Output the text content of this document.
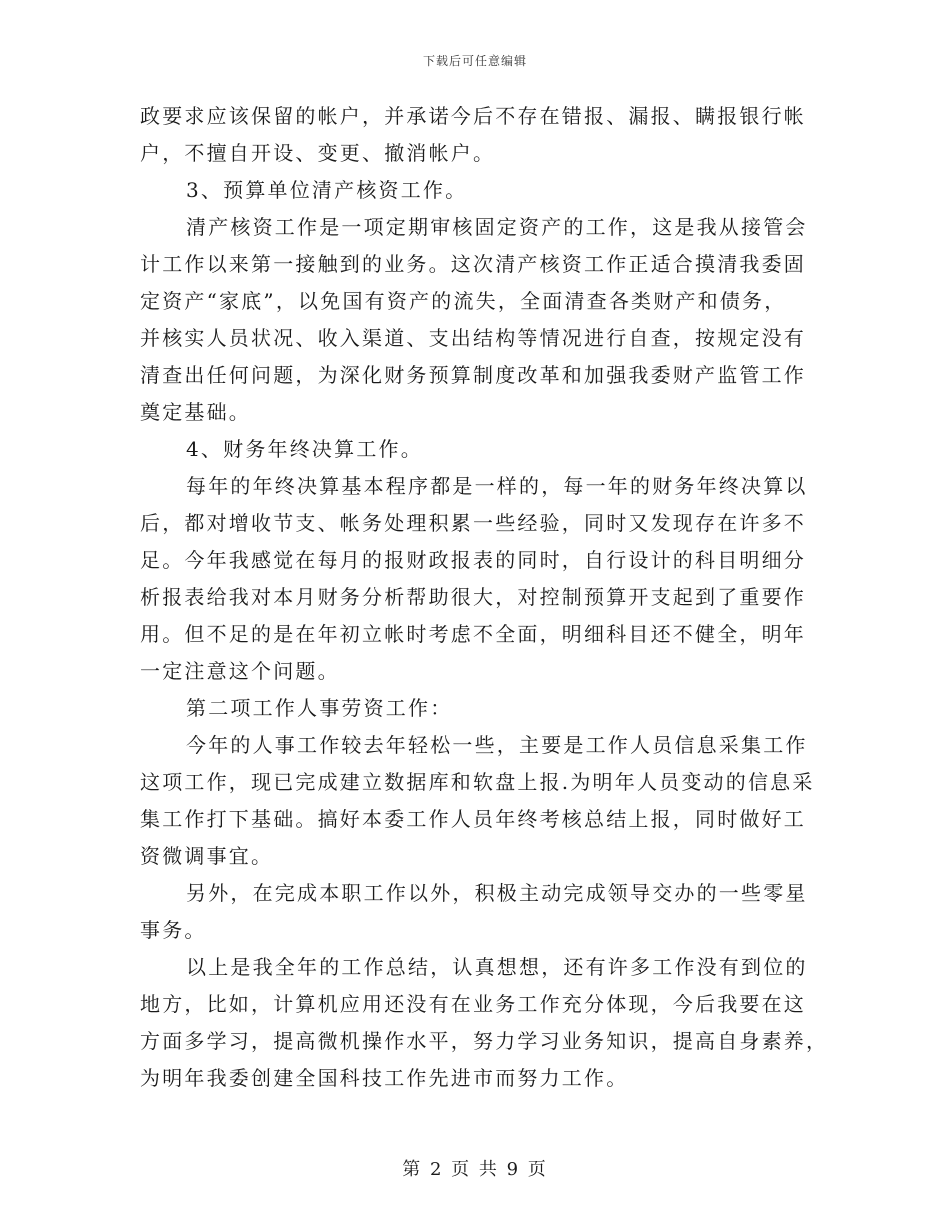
下载后可任意编辑
政要求应该保留的帐户，并承诺今后不存在错报、漏报、瞒报银行帐
户，不擅自开设、变更、撤消帐户。
3、预算单位清产核资工作。
清产核资工作是一项定期审核固定资产的工作，这是我从接管会
计工作以来第一接触到的业务。这次清产核资工作正适合摸清我委固
定资产“家底”，以免国有资产的流失，全面清查各类财产和债务，
并核实人员状况、收入渠道、支出结构等情况进行自查，按规定没有
清查出任何问题，为深化财务预算制度改革和加强我委财产监管工作
奠定基础。
4、财务年终决算工作。
每年的年终决算基本程序都是一样的，每一年的财务年终决算以
后，都对增收节支、帐务处理积累一些经验，同时又发现存在许多不
足。今年我感觉在每月的报财政报表的同时，自行设计的科目明细分
析报表给我对本月财务分析帮助很大，对控制预算开支起到了重要作
用。但不足的是在年初立帐时考虑不全面，明细科目还不健全，明年
一定注意这个问题。
第二项工作人事劳资工作：
今年的人事工作较去年轻松一些，主要是工作人员信息采集工作
这项工作，现已完成建立数据库和软盘上报.为明年人员变动的信息采
集工作打下基础。搞好本委工作人员年终考核总结上报，同时做好工
资微调事宜。
另外，在完成本职工作以外，积极主动完成领导交办的一些零星
事务。
以上是我全年的工作总结，认真想想，还有许多工作没有到位的
地方，比如，计算机应用还没有在业务工作充分体现，今后我要在这
方面多学习，提高微机操作水平，努力学习业务知识，提高自身素养，
为明年我委创建全国科技工作先进市而努力工作。
第 2 页 共 9 页
